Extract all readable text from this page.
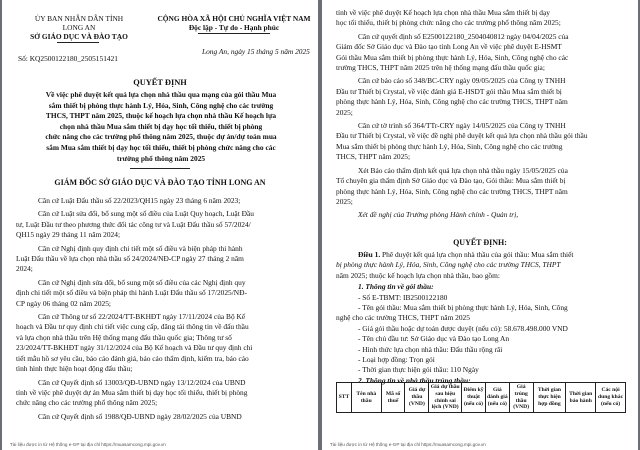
ỦY BAN NHÂN DÂN TỈNH
LONG AN
SỞ GIÁO DỤC VÀ ĐÀO TẠO
CỘNG HÒA XÃ HỘI CHỦ NGHĨA VIỆT NAM
Độc lập - Tự do - Hạnh phúc
Số: KQ2500122180_2505151421
Long An, ngày 15 tháng 5 năm 2025
QUYẾT ĐỊNH
Về việc phê duyệt kết quả lựa chọn nhà thầu qua mạng của gói thầu Mua
sắm thiết bị phòng thực hành Lý, Hóa, Sinh, Công nghệ cho các trường
THCS, THPT năm 2025, thuộc kế hoạch lựa chọn nhà thầu Kế hoạch lựa
chọn nhà thầu Mua sắm thiết bị dạy học tối thiểu, thiết bị phòng
chức năng cho các trường phổ thông năm 2025, thuộc dự án/dự toán mua
sắm Mua sắm thiết bị dạy học tối thiểu, thiết bị phòng chức năng cho các
trường phổ thông năm 2025
GIÁM ĐỐC SỞ GIÁO DỤC VÀ ĐÀO TẠO TỈNH LONG AN
Căn cứ Luật Đấu thầu số 22/2023/QH15 ngày 23 tháng 6 năm 2023;
Căn cứ Luật sửa đổi, bổ sung một số điều của Luật Quy hoạch, Luật Đầu
tư, Luật Đầu tư theo phương thức đối tác công tư và Luật Đấu thầu số 57/2024/
QH15 ngày 29 tháng 11 năm 2024;
Căn cứ Nghị định quy định chi tiết một số điều và biện pháp thi hành
Luật Đấu thầu về lựa chọn nhà thầu số 24/2024/NĐ-CP ngày 27 tháng 2 năm
2024;
Căn cứ Nghị định sửa đổi, bổ sung một số điều của các Nghị định quy
định chi tiết một số điều và biện pháp thi hành Luật Đấu thầu số 17/2025/NĐ-
CP ngày 06 tháng 02 năm 2025;
Căn cứ Thông tư số 22/2024/TT-BKHĐT ngày 17/11/2024 của Bộ Kế
hoạch và Đầu tư quy định chi tiết việc cung cấp, đăng tải thông tin về đấu thầu
và lựa chọn nhà thầu trên Hệ thống mạng đấu thầu quốc gia; Thông tư số
23/2024/TT-BKHĐT ngày 31/12/2024 của Bộ Kế hoạch và Đầu tư quy định chi
tiết mẫu hồ sơ yêu cầu, báo cáo đánh giá, báo cáo thẩm định, kiểm tra, báo cáo
tình hình thực hiện hoạt động đấu thầu;
Căn cứ Quyết định số 13003/QĐ-UBND ngày 13/12/2024 của UBND
tỉnh về việc phê duyệt dự án Mua sắm thiết bị dạy học tối thiểu, thiết bị phòng
chức năng cho các trường phổ thông năm 2025;
Căn cứ Quyết định số 1988/QĐ-UBND ngày 28/02/2025 của UBND
Tài liệu được in từ Hệ thống e-GP tại địa chỉ https://muasamcong.mpi.gov.vn
tỉnh về việc phê duyệt Kế hoạch lựa chọn nhà thầu Mua sắm thiết bị dạy
học tối thiểu, thiết bị phòng chức năng cho các trường phổ thông năm 2025;
Căn cứ quyết định số E2500122180_2504040812 ngày 04/04/2025 của
Giám đốc Sở Giáo dục và Đào tạo tỉnh Long An về việc phê duyệt E-HSMT
Gói thầu Mua sắm thiết bị phòng thực hành Lý, Hóa, Sinh, Công nghệ cho các
trường THCS, THPT năm 2025 trên hệ thống mạng đấu thầu quốc gia;
Căn cứ báo cáo số 348/BC-CRY ngày 09/05/2025 của Công ty TNHH
Đầu tư Thiết bị Crystal, về việc đánh giá E-HSDT gói thầu Mua sắm thiết bị
phòng thực hành Lý, Hóa, Sinh, Công nghệ cho các trường THCS, THPT năm
2025;
Căn cứ tờ trình số 364/TTr-CRY ngày 14/05/2025 của Công ty TNHH
Đầu tư Thiết bị Crystal, về việc đề nghị phê duyệt kết quả lựa chọn nhà thầu gói thầu
Mua sắm thiết bị phòng thực hành Lý, Hóa, Sinh, Công nghệ cho các trường
THCS, THPT năm 2025;
Xét Báo cáo thẩm định kết quả lựa chọn nhà thầu ngày 15/05/2025 của
Tổ chuyên gia thẩm định Sở Giáo dục và Đào tạo, Gói thầu: Mua sắm thiết bị
phòng thực hành Lý, Hóa, Sinh, Công nghệ cho các trường THCS, THPT năm
2025;
Xét đề nghị của Trưởng phòng Hành chính - Quản trị,
QUYẾT ĐỊNH:
Điều 1. Phê duyệt kết quả lựa chọn nhà thầu của gói thầu: Mua sắm thiết
bị phòng thực hành Lý, Hóa, Sinh, Công nghệ cho các trường THCS, THPT
năm 2025; thuộc kế hoạch lựa chọn nhà thầu, bao gồm:
1. Thông tin về gói thầu:
- Số E-TBMT: IB2500122180
- Tên gói thầu: Mua sắm thiết bị phòng thực hành Lý, Hóa, Sinh, Công
nghệ cho các trường THCS, THPT năm 2025
- Giá gói thầu hoặc dự toán được duyệt (nếu có): 58.678.498.000 VND
- Tên chủ đầu tư: Sở Giáo dục và Đào tạo Long An
- Hình thức lựa chọn nhà thầu: Đấu thầu rộng rãi
- Loại hợp đồng: Trọn gói
- Thời gian thực hiện gói thầu: 110 Ngày
2. Thông tin về nhà thầu trúng thầu:
STT	Tên nhà thầu	Mã số thuế	Giá dự thầu (VND)	Giá dự thầu sau hiệu chỉnh sai lệch (VND)	Điểm kỹ thuật (nếu có)	Giá đánh giá (nếu có)	Giá trúng thầu (VND)	Thời gian thực hiện hợp đồng	Thời gian bảo hành	Các nội dung khác (nếu có)
Tài liệu được in từ Hệ thống e-GP tại địa chỉ https://muasamcong.mpi.gov.vn
